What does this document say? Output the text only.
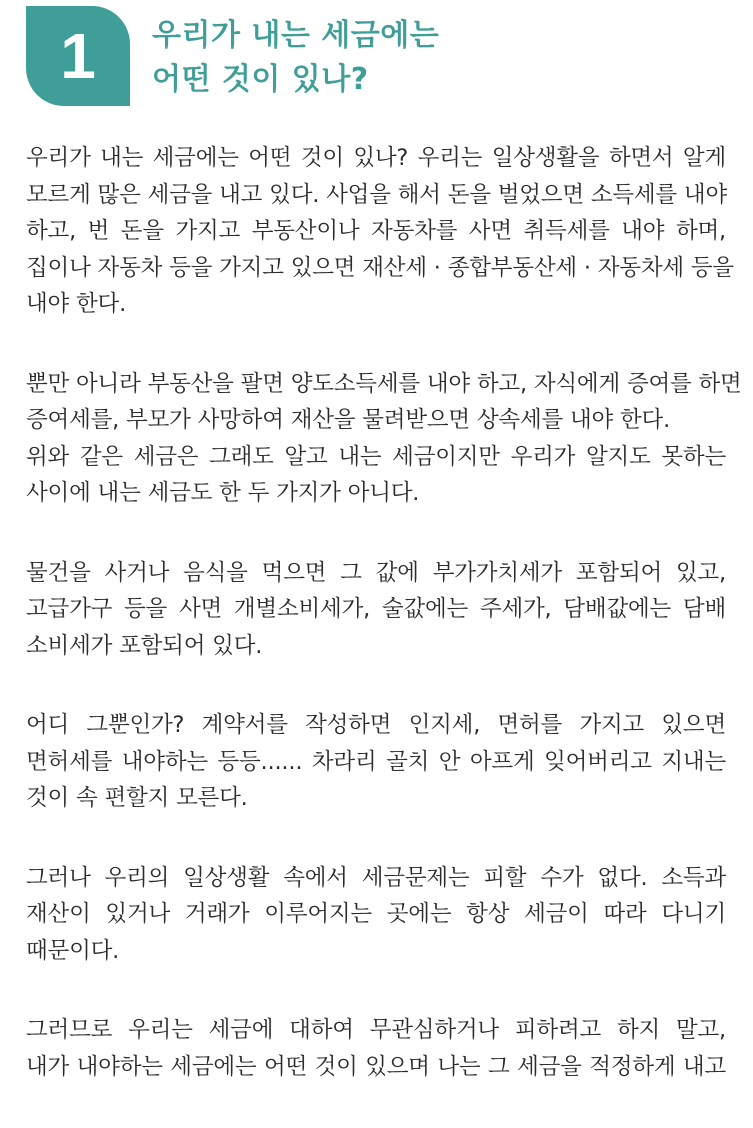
1 우리가 내는 세금에는
어떤 것이 있나?

우리가 내는 세금에는 어떤 것이 있나? 우리는 일상생활을 하면서 알게
모르게 많은 세금을 내고 있다. 사업을 해서 돈을 벌었으면 소득세를 내야
하고, 번 돈을 가지고 부동산이나 자동차를 사면 취득세를 내야 하며,
집이나 자동차 등을 가지고 있으면 재산세 · 종합부동산세 · 자동차세 등을
내야 한다.

뿐만 아니라 부동산을 팔면 양도소득세를 내야 하고, 자식에게 증여를 하면
증여세를, 부모가 사망하여 재산을 물려받으면 상속세를 내야 한다.

위와 같은 세금은 그래도 알고 내는 세금이지만 우리가 알지도 못하는
사이에 내는 세금도 한 두 가지가 아니다.

물건을 사거나 음식을 먹으면 그 값에 부가가치세가 포함되어 있고,
고급가구 등을 사면 개별소비세가, 술값에는 주세가, 담배값에는 담배
소비세가 포함되어 있다.

어디 그뿐인가? 계약서를 작성하면 인지세, 면허를 가지고 있으면
면허세를 내야하는 등등...... 차라리 골치 안 아프게 잊어버리고 지내는
것이 속 편할지 모른다.

그러나 우리의 일상생활 속에서 세금문제는 피할 수가 없다. 소득과
재산이 있거나 거래가 이루어지는 곳에는 항상 세금이 따라 다니기
때문이다.

그러므로 우리는 세금에 대하여 무관심하거나 피하려고 하지 말고,
내가 내야하는 세금에는 어떤 것이 있으며 나는 그 세금을 적정하게 내고
